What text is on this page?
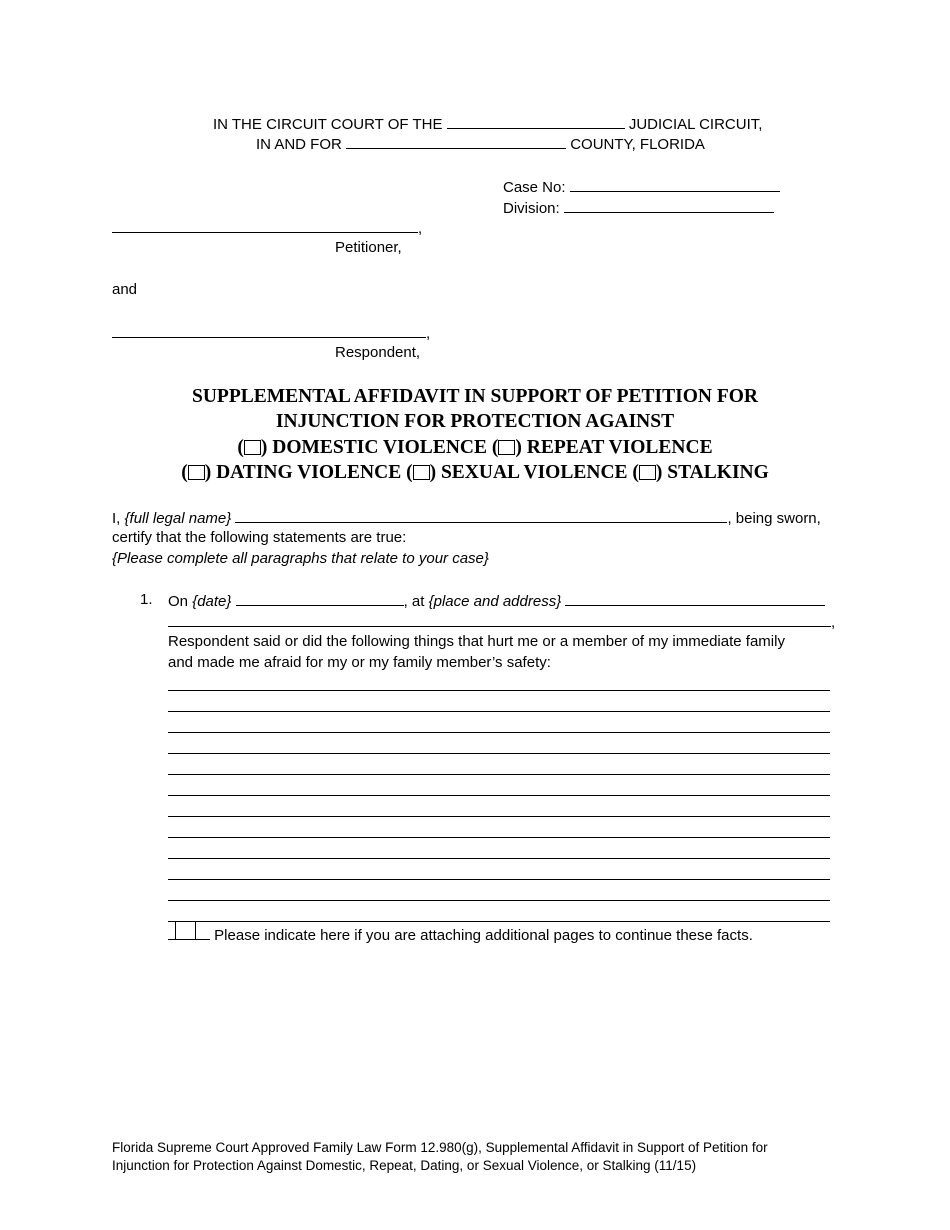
IN THE CIRCUIT COURT OF THE	JUDICIAL CIRCUIT,
IN AND FOR	COUNTY, FLORIDA
Case No:
Division:
,
Petitioner,
and
,
Respondent,
SUPPLEMENTAL AFFIDAVIT IN SUPPORT OF PETITION FOR
INJUNCTION FOR PROTECTION AGAINST
( ) DOMESTIC VIOLENCE ( ) REPEAT VIOLENCE
( ) DATING VIOLENCE ( ) SEXUAL VIOLENCE ( ) STALKING
I, {full legal name}	, being sworn,
certify that the following statements are true:
{Please complete all paragraphs that relate to your case}
1. On {date}	, at {place and address}
,
Respondent said or did the following things that hurt me or a member of my immediate family
and made me afraid for my or my family member’s safety:
Please indicate here if you are attaching additional pages to continue these facts.
Florida Supreme Court Approved Family Law Form 12.980(g), Supplemental Affidavit in Support of Petition for
Injunction for Protection Against Domestic, Repeat, Dating, or Sexual Violence, or Stalking (11/15)
